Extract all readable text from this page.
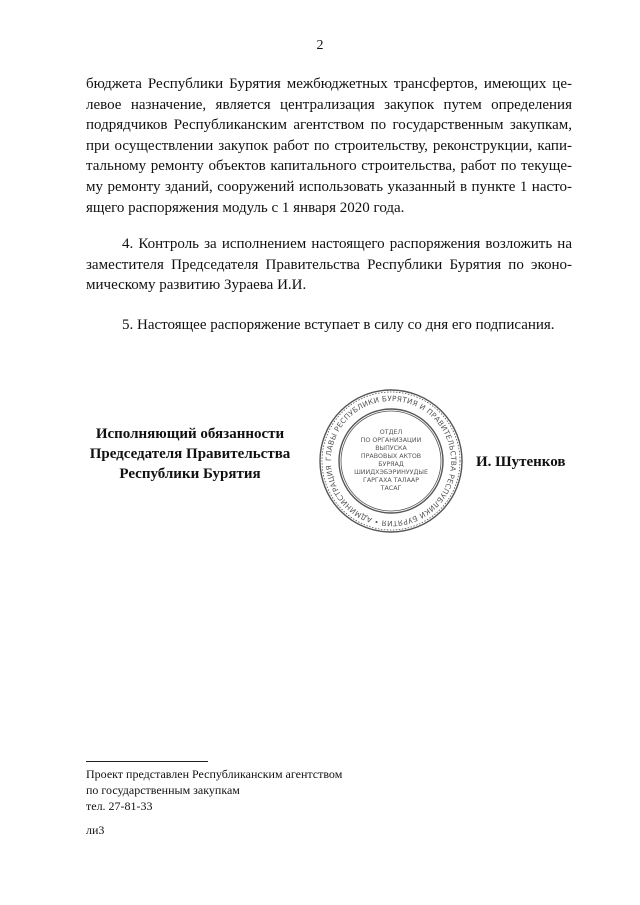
2
бюджета Республики Бурятия межбюджетных трансфертов, имеющих це-
левое назначение, является централизация закупок путем определения
подрядчиков Республиканским агентством по государственным закупкам,
при осуществлении закупок работ по строительству, реконструкции, капи-
тальному ремонту объектов капитального строительства, работ по текуще-
му ремонту зданий, сооружений использовать указанный в пункте 1 насто-
ящего распоряжения модуль с 1 января 2020 года.
4. Контроль за исполнением настоящего распоряжения возложить на
заместителя Председателя Правительства Республики Бурятия по эконо-
мическому развитию Зураева И.И.
5. Настоящее распоряжение вступает в силу со дня его подписания.
Исполняющий обязанности
Председателя Правительства
Республики Бурятия
ГЛАВЫ РЕСПУБЛИКИ БУРЯТИЯ И ПРАВИТЕЛЬСТВА РЕСПУБЛИКИ БУРЯТИЯ • АДМИНИСТРАЦИЯ
ОТДЕЛ
ПО ОРГАНИЗАЦИИ
ВЫПУСКА
ПРАВОВЫХ АКТОВ
БУРЯАД
ШИИДХЭБЭРИНУУДЫЕ
ГАРГАХА ТАЛААР
ТАСАГ
И. Шутенков
Проект представлен Республиканским агентством
по государственным закупкам
тел. 27-81-33
ли3
